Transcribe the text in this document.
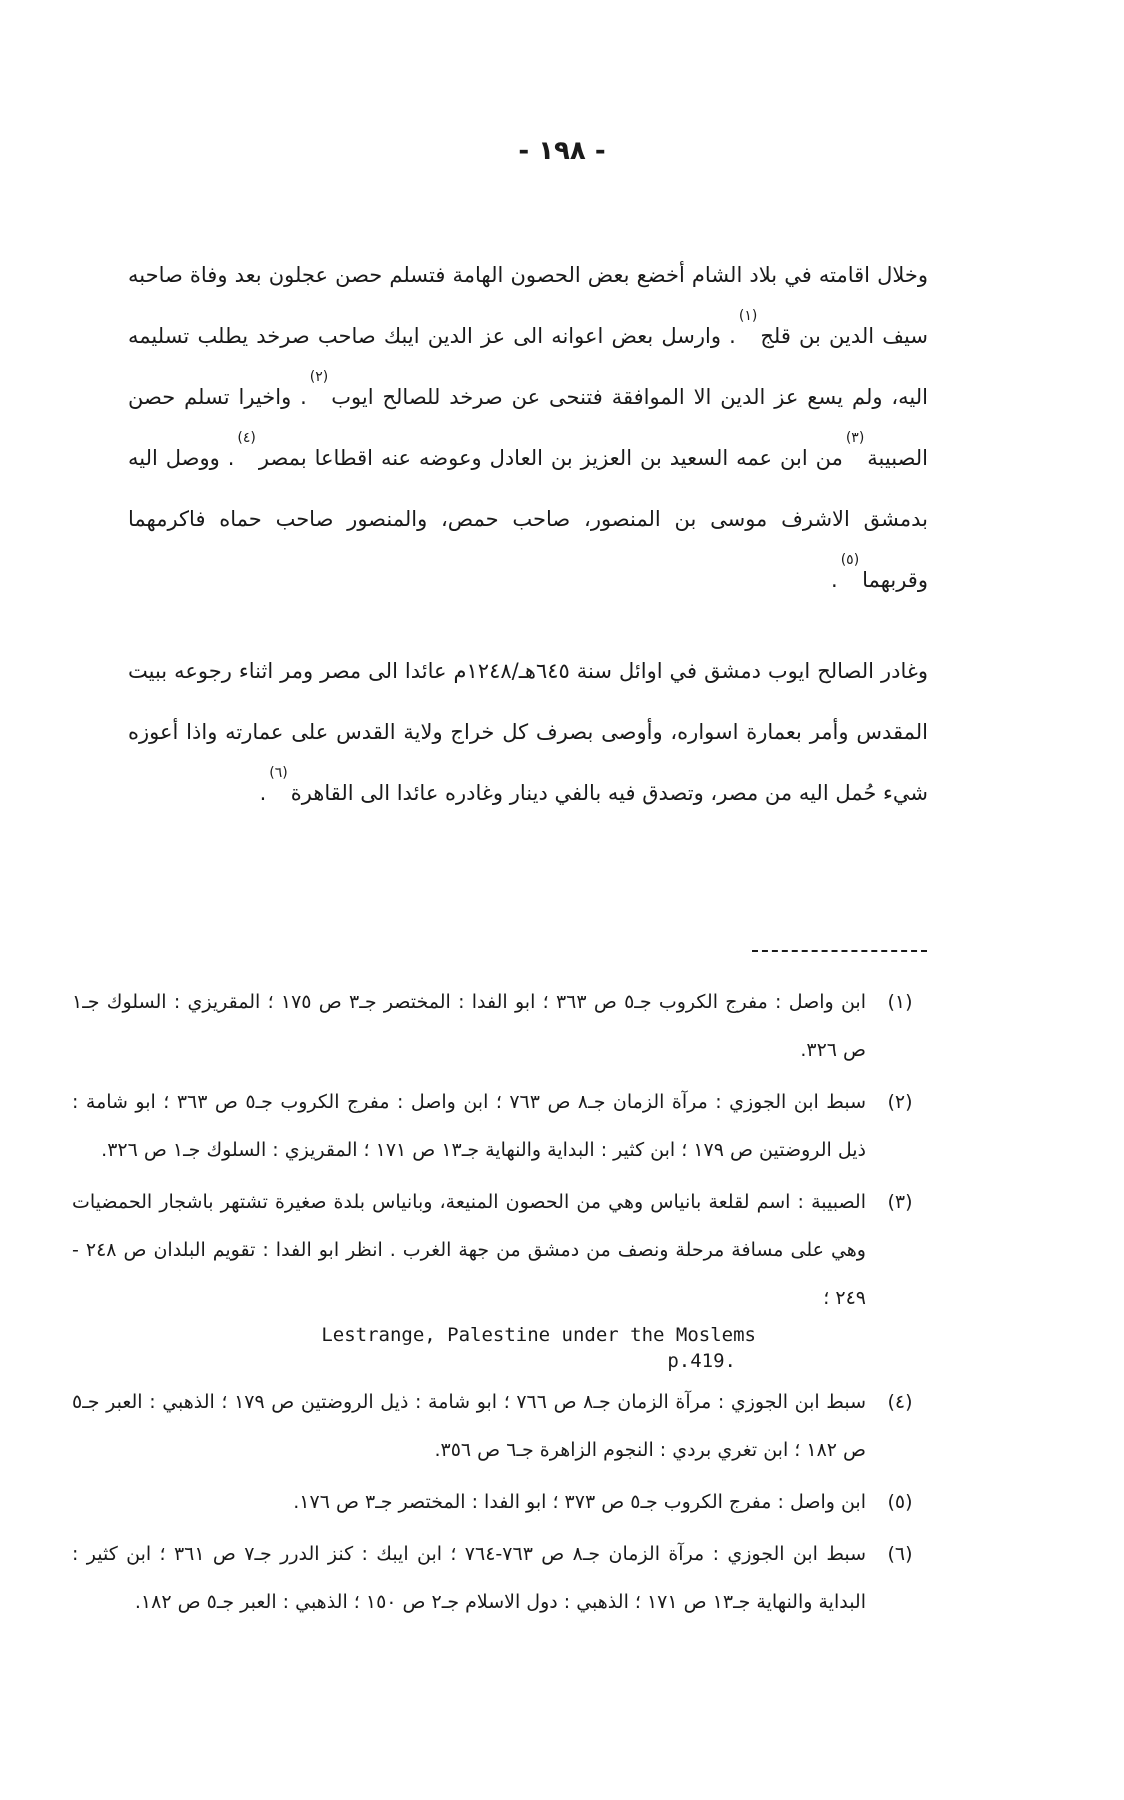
- ١٩٨ -

وخلال اقامته في بلاد الشام أخضع بعض الحصون الهامة فتسلم حصن عجلون بعد وفاة صاحبه سيف الدين بن قلج$^{(١)}$. وارسل بعض اعوانه الى عز الدين ايبك صاحب صرخد يطلب تسليمه اليه، ولم يسع عز الدين الا الموافقة فتنحى عن صرخد للصالح ايوب$^{(٢)}$. واخيرا تسلم حصن الصبيبة$^{(٣)}$من ابن عمه السعيد بن العزيز بن العادل وعوضه عنه اقطاعا بمصر$^{(٤)}$. ووصل اليه بدمشق الاشرف موسى بن المنصور، صاحب حمص، والمنصور صاحب حماه فاكرمهما وقربهما$^{(٥)}$.

وغادر الصالح ايوب دمشق في اوائل سنة ٦٤٥هـ/١٢٤٨م عائدا الى مصر ومر اثناء رجوعه ببيت المقدس وأمر بعمارة اسواره، وأوصى بصرف كل خراج ولاية القدس على عمارته واذا أعوزه شيء حُمل اليه من مصر، وتصدق فيه بالفي دينار وغادره عائدا الى القاهرة$^{(٦)}$.

(١)
ابن واصل : مفرج الكروب جـ٥ ص ٣٦٣ ؛ ابو الفدا : المختصر جـ٣ ص ١٧٥ ؛ المقريزي : السلوك جـ١ ص ٣٢٦.
(٢)
سبط ابن الجوزي : مرآة الزمان جـ٨ ص ٧٦٣ ؛ ابن واصل : مفرج الكروب جـ٥ ص ٣٦٣ ؛ ابو شامة : ذيل الروضتين ص ١٧٩ ؛ ابن كثير : البداية والنهاية جـ١٣ ص ١٧١ ؛ المقريزي : السلوك جـ١ ص ٣٢٦.
(٣)
الصبيبة : اسم لقلعة بانياس وهي من الحصون المنيعة، وبانياس بلدة صغيرة تشتهر باشجار الحمضيات وهي على مسافة مرحلة ونصف من دمشق من جهة الغرب . انظر ابو الفدا : تقويم البلدان ص ٢٤٨ - ٢٤٩ ؛
Lestrange, Palestine under the Moslems
p.419.
(٤)
سبط ابن الجوزي : مرآة الزمان جـ٨ ص ٧٦٦ ؛ ابو شامة : ذيل الروضتين ص ١٧٩ ؛ الذهبي : العبر جـ٥ ص ١٨٢ ؛ ابن تغري بردي : النجوم الزاهرة جـ٦ ص ٣٥٦.
(٥)
ابن واصل : مفرج الكروب جـ٥ ص ٣٧٣ ؛ ابو الفدا : المختصر جـ٣ ص ١٧٦.
(٦)
سبط ابن الجوزي : مرآة الزمان جـ٨ ص ٧٦٣-٧٦٤ ؛ ابن ايبك : كنز الدرر جـ٧ ص ٣٦١ ؛ ابن كثير : البداية والنهاية جـ١٣ ص ١٧١ ؛ الذهبي : دول الاسلام جـ٢ ص ١٥٠ ؛ الذهبي : العبر جـ٥ ص ١٨٢.
